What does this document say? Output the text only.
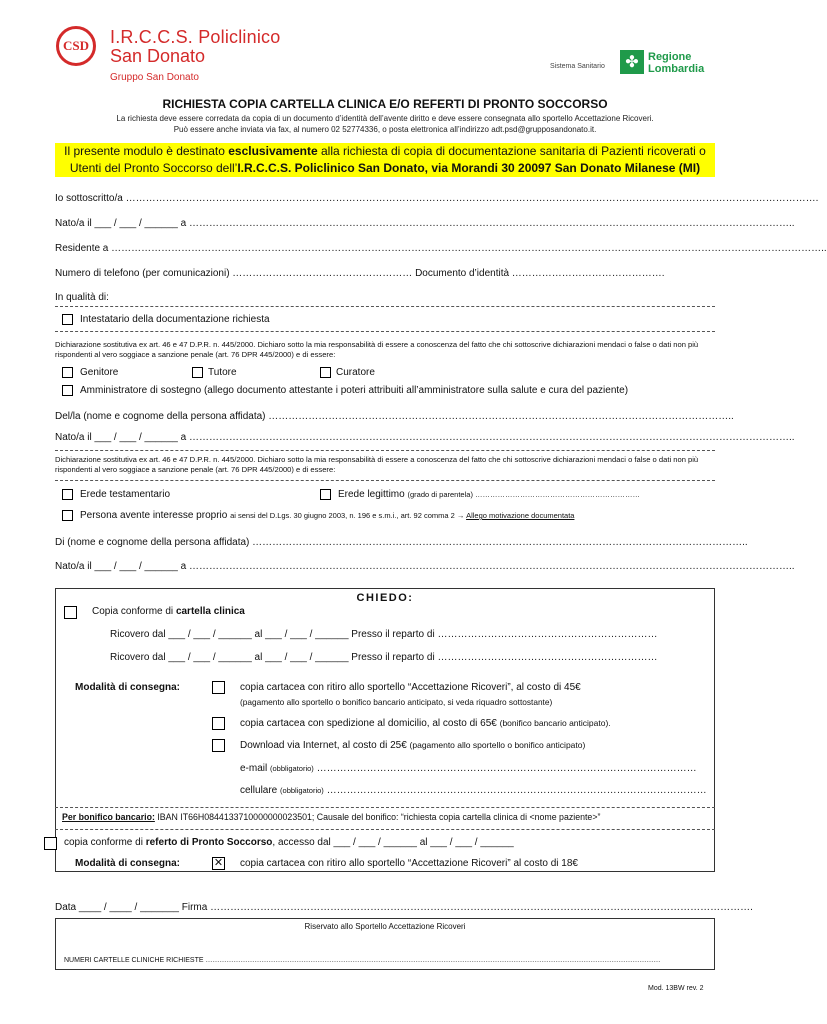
CSD I.R.C.C.S. Policlinico
San Donato
Gruppo San Donato
Sistema Sanitario	✤ Regione
Lombardia
RICHIESTA COPIA CARTELLA CLINICA E/O REFERTI DI PRONTO SOCCORSO
La richiesta deve essere corredata da copia di un documento d’identità dell’avente diritto e deve essere consegnata allo sportello Accettazione Ricoveri.
Può essere anche inviata via fax, al numero 02 52774336, o posta elettronica all’indirizzo adt.psd@grupposandonato.it.
Il presente modulo è destinato esclusivamente alla richiesta di copia di documentazione sanitaria di Pazienti ricoverati o
Utenti del Pronto Soccorso dell’I.R.C.C.S. Policlinico San Donato, via Morandi 30 20097 San Donato Milanese (MI)
Io sottoscritto/a ……………………………………………………………………………………………………………………………………………………………………………………….
Nato/a il ___ / ___ / ______ a ………………………………………………………………………………………………………………………………………………………………..
Residente a ……………………………………………………………………………………………………………………………………………………………………………………………..
Numero di telefono (per comunicazioni) ……………………………………………… Documento d’identità ……………………………………….
In qualità di:
Intestatario della documentazione richiesta
Dichiarazione sostitutiva ex art. 46 e 47 D.P.R. n. 445/2000. Dichiaro sotto la mia responsabilità di essere a conoscenza del fatto che chi sottoscrive dichiarazioni mendaci o false o dati non più rispondenti al vero soggiace a sanzione penale (art. 76 DPR 445/2000) e di essere:
Genitore	Tutore	Curatore
Amministratore di sostegno (allego documento attestante i poteri attribuiti all’amministratore sulla salute e cura del paziente)
Del/la (nome e cognome della persona affidata) …………………………………………………………………………………………………………………………..
Nato/a il ___ / ___ / ______ a ………………………………………………………………………………………………………………………………………………………………..
Dichiarazione sostitutiva ex art. 46 e 47 D.P.R. n. 445/2000. Dichiaro sotto la mia responsabilità di essere a conoscenza del fatto che chi sottoscrive dichiarazioni mendaci o false o dati non più rispondenti al vero soggiace a sanzione penale (art. 76 DPR 445/2000) e di essere:
Erede testamentario	Erede legittimo (grado di parentela) …………………………………………………………
Persona avente interesse proprio ai sensi del D.Lgs. 30 giugno 2003, n. 196 e s.m.i., art. 92 comma 2 → Allego motivazione documentata
Di (nome e cognome della persona affidata) …………………………………………………………………………………………………………………………………..
Nato/a il ___ / ___ / ______ a ………………………………………………………………………………………………………………………………………………………………..
CHIEDO:
Copia conforme di cartella clinica
Ricovero dal ___ / ___ / ______ al ___ / ___ / ______ Presso il reparto di …………………………………………………………
Ricovero dal ___ / ___ / ______ al ___ / ___ / ______ Presso il reparto di …………………………………………………………
Modalità di consegna:	copia cartacea con ritiro allo sportello “Accettazione Ricoveri”, al costo di 45€
(pagamento allo sportello o bonifico bancario anticipato, si veda riquadro sottostante)
copia cartacea con spedizione al domicilio, al costo di 65€ (bonifico bancario anticipato).
Download via Internet, al costo di 25€ (pagamento allo sportello o bonifico anticipato)
e-mail (obbligatorio) ……………………………………………………………………………………………………
cellulare (obbligatorio) ……………………………………………………………………………………………………
Per bonifico bancario: IBAN IT66H0844133710000000023501; Causale del bonifico: “richiesta copia cartella clinica di <nome paziente>”
copia conforme di referto di Pronto Soccorso, accesso dal ___ / ___ / ______ al ___ / ___ / ______
Modalità di consegna:	✕ copia cartacea con ritiro allo sportello “Accettazione Ricoveri” al costo di 18€
Data ____ / ____ / _______ Firma ……………………………………………………………………………………………………………………………………………….
Riservato allo Sportello Accettazione Ricoveri
NUMERI CARTELLE CLINICHE RICHIESTE ……………………………………………………………………………………………………………………………………………………………………………
Mod. 13BW rev. 2
